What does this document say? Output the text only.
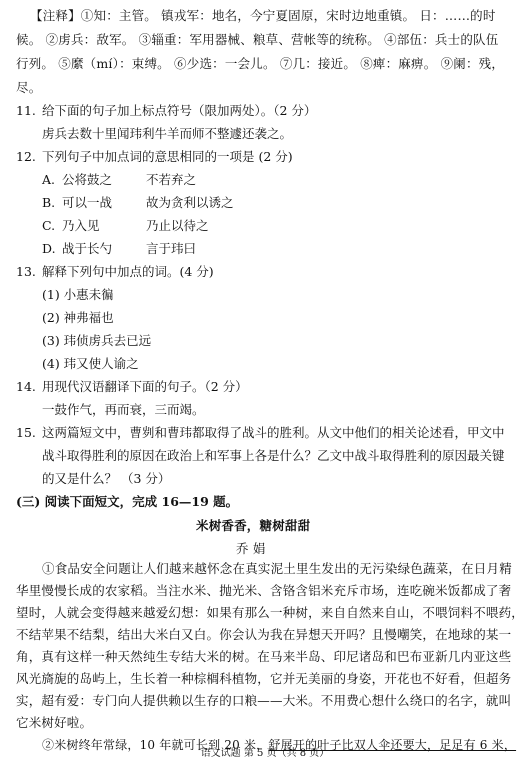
【注释】①知：主管。 镇戎军：地名，今宁夏固原，宋时边地重镇。 日：……的时
候。 ②虏兵：敌军。 ③辎重：军用器械、粮草、营帐等的统称。 ④部伍：兵士的队伍
行列。 ⑤縻（mí）：束缚。 ⑥少选：一会儿。 ⑦几：接近。 ⑧痺：麻痹。 ⑨阑：残，
尽。
11. 给下面的句子加上标点符号（限加两处）。（2 分）
虏兵去数十里闻玮利牛羊而师不整遽还袭之。
12. 下列句子中加点词的意思相同的一项是 (2 分)
A. 公将鼓之	不若弃之
B. 可以一战	故为贪利以诱之
C. 乃入见	乃止以待之
D. 战于长勺	言于玮曰
13. 解释下列句中加点的词。(4 分)
(1) 小惠未徧
(2) 神弗福也
(3) 玮侦虏兵去已远
(4) 玮又使人谕之
14. 用现代汉语翻译下面的句子。（2 分）
一鼓作气，再而衰，三而竭。
15. 这两篇短文中，曹刿和曹玮都取得了战斗的胜利。从文中他们的相关论述看，甲文中
战斗取得胜利的原因在政治上和军事上各是什么？乙文中战斗取得胜利的原因最关键
的又是什么？ （3 分）
(三) 阅读下面短文，完成 16—19 题。
米树香香，糖树甜甜
乔 娟
①食品安全问题让人们越来越怀念在真实泥土里生发出的无污染绿色蔬菜，在日月精
华里慢慢长成的农家稻。当注水米、抛光米、含铬含铝米充斥市场，连吃碗米饭都成了奢
望时，人就会变得越来越爱幻想：如果有那么一种树，来自自然来自山，不喂饲料不喂药，
不结苹果不结梨，结出大米白又白。你会认为我在异想天开吗？且慢嘲笑，在地球的某一
角，真有这样一种天然纯生专结大米的树。在马来半岛、印尼诸岛和巴布亚新几内亚这些
风光旖旎的岛屿上，生长着一种棕榈科植物，它并无美丽的身姿，开花也不好看，但超务
实，超有爱：专门向人提供赖以生存的口粮——大米。不用费心想什么绕口的名字，就叫
它米树好啦。
②米树终年常绿，10 年就可长到 20 米，舒展开的叶子比双人伞还要大，足足有 6 米，
语文试题 第 5 页（共 8 页）
